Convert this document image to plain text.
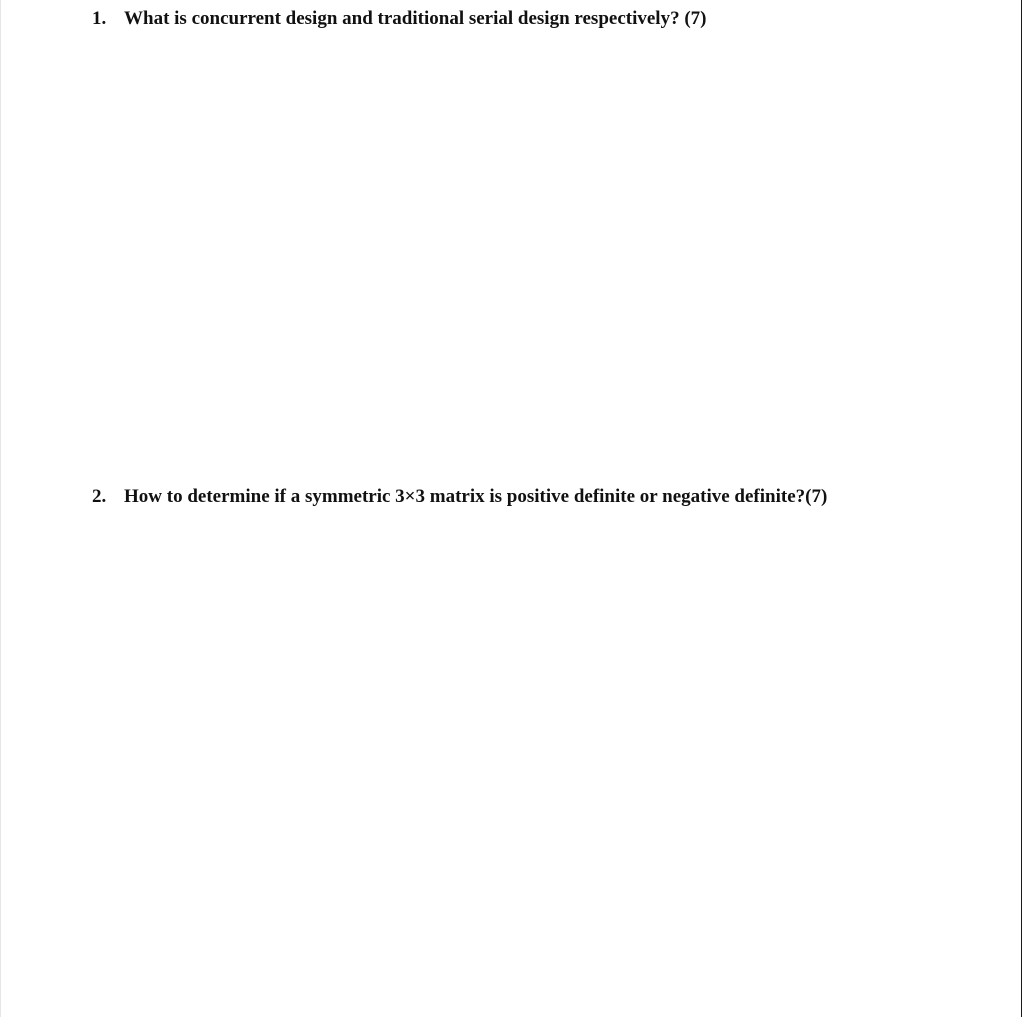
1. What is concurrent design and traditional serial design respectively? (7)
2. How to determine if a symmetric 3×3 matrix is positive definite or negative definite?(7)
